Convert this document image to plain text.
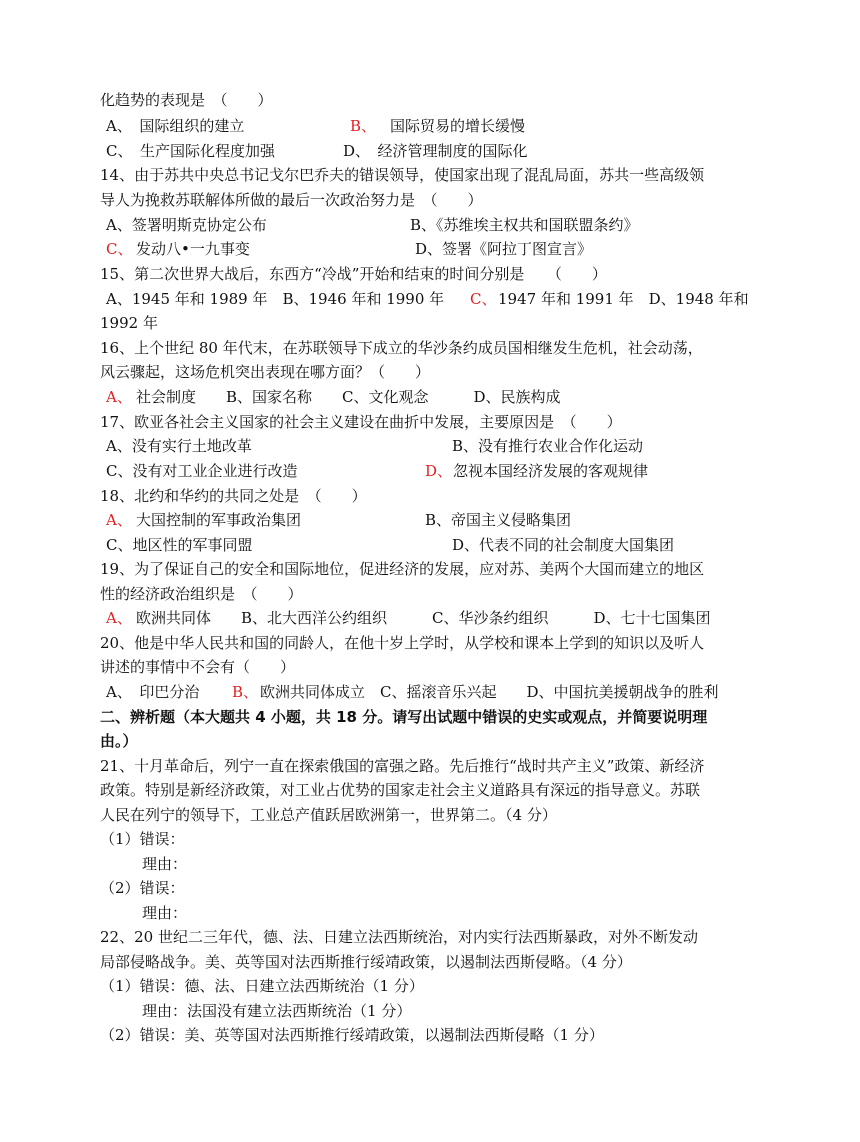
化趋势的表现是　（　　）
A、　国际组织的建立	B、 国际贸易的增长缓慢
C、　生产国际化程度加强	D、　经济管理制度的国际化
14、由于苏共中央总书记戈尔巴乔夫的错误领导，使国家出现了混乱局面，苏共一些高级领
导人为挽救苏联解体所做的最后一次政治努力是　（　　）
A、签署明斯克协定公布	B、《苏维埃主权共和国联盟条约》
C、 发动八•一九事变	D、签署《阿拉丁图宣言》
15、第二次世界大战后，东西方“冷战”开始和结束的时间分别是　　（　　）
A、1945 年和 1989 年　B、1946 年和 1990 年 C、 1947 年和 1991 年　D、1948 年和
1992 年
16、上个世纪 80 年代末，在苏联领导下成立的华沙条约成员国相继发生危机，社会动荡，
风云骤起，这场危机突出表现在哪方面？（　　）
A、 社会制度　　B、国家名称　　C、文化观念　　　D、民族构成
17、欧亚各社会主义国家的社会主义建设在曲折中发展，主要原因是　（　　）
A、没有实行土地改革	B、没有推行农业合作化运动
C、没有对工业企业进行改造	D、 忽视本国经济发展的客观规律
18、北约和华约的共同之处是　（　　）
A、 大国控制的军事政治集团	B、帝国主义侵略集团
C、地区性的军事同盟	D、代表不同的社会制度大国集团
19、为了保证自己的安全和国际地位，促进经济的发展，应对苏、美两个大国而建立的地区
性的经济政治组织是　（　　）
A、 欧洲共同体　　B、北大西洋公约组织　　　C、华沙条约组织　　　D、七十七国集团
20、他是中华人民共和国的同龄人，在他十岁上学时，从学校和课本上学到的知识以及听人
讲述的事情中不会有（　　）
A、　印巴分治 B、 欧洲共同体成立　C、摇滚音乐兴起　　D、中国抗美援朝战争的胜利
二、辨析题（本大题共 4 小题，共 18 分。请写出试题中错误的史实或观点，并简要说明理
由。）
21、十月革命后，列宁一直在探索俄国的富强之路。先后推行“战时共产主义”政策、新经济
政策。特别是新经济政策，对工业占优势的国家走社会主义道路具有深远的指导意义。苏联
人民在列宁的领导下，工业总产值跃居欧洲第一，世界第二。（4 分）
（1）错误：
理由：
（2）错误：
理由：
22、20 世纪二三年代，德、法、日建立法西斯统治，对内实行法西斯暴政，对外不断发动
局部侵略战争。美、英等国对法西斯推行绥靖政策，以遏制法西斯侵略。（4 分）
（1）错误：德、法、日建立法西斯统治（1 分）
理由：法国没有建立法西斯统治（1 分）
（2）错误：美、英等国对法西斯推行绥靖政策，以遏制法西斯侵略（1 分）
